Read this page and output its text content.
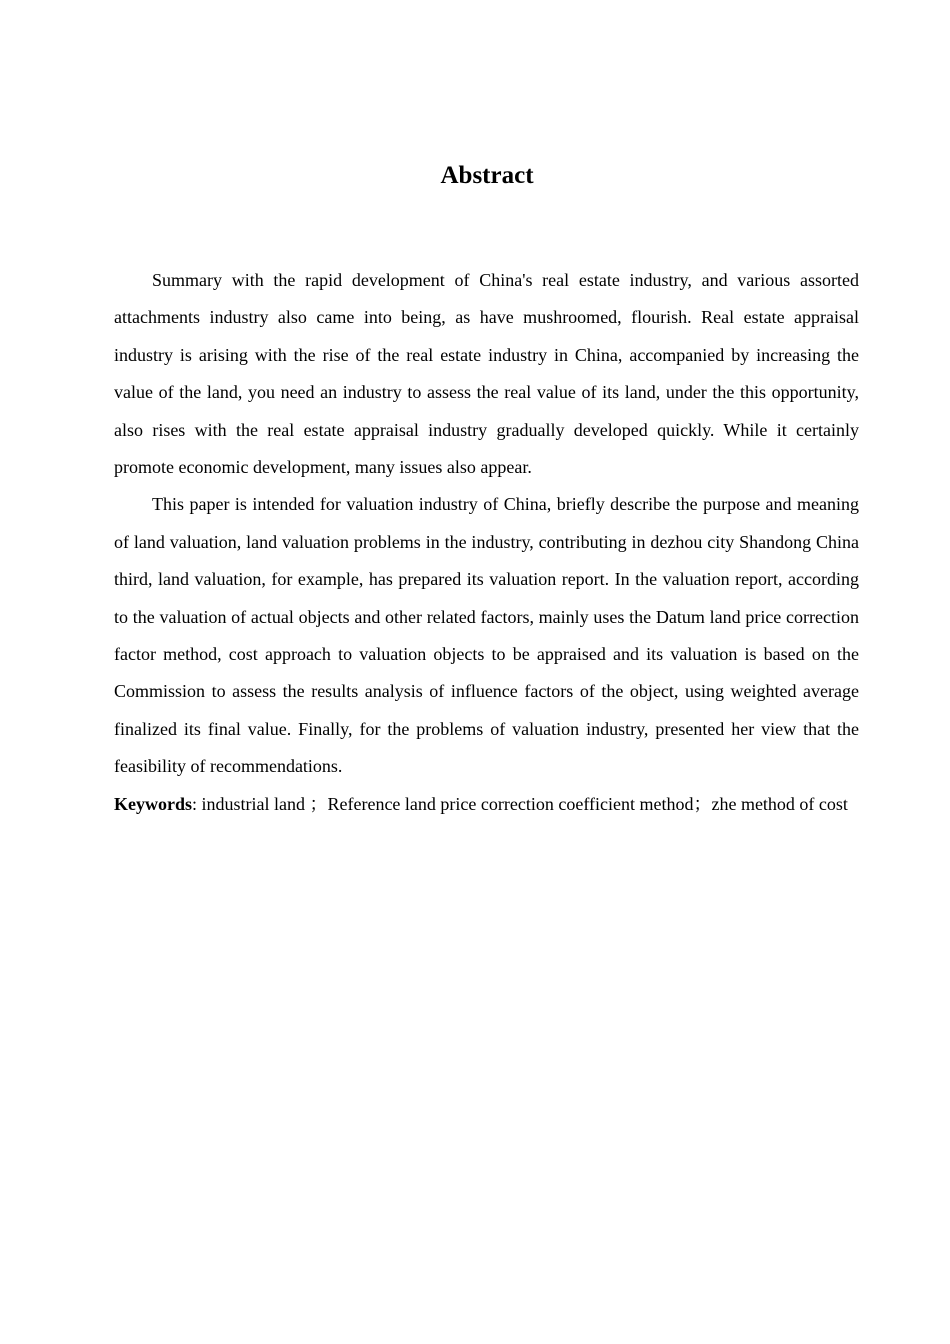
Abstract

Summary with the rapid development of China's real estate industry, and various assorted attachments industry also came into being, as have mushroomed, flourish. Real estate appraisal industry is arising with the rise of the real estate industry in China, accompanied by increasing the value of the land, you need an industry to assess the real value of its land, under the this opportunity, also rises with the real estate appraisal industry gradually developed quickly. While it certainly promote economic development, many issues also appear.

This paper is intended for valuation industry of China, briefly describe the purpose and meaning of land valuation, land valuation problems in the industry, contributing in dezhou city Shandong China third, land valuation, for example, has prepared its valuation report. In the valuation report, according to the valuation of actual objects and other related factors, mainly uses the Datum land price correction factor method, cost approach to valuation objects to be appraised and its valuation is based on the Commission to assess the results analysis of influence factors of the object, using weighted average finalized its final value. Finally, for the problems of valuation industry, presented her view that the feasibility of recommendations.

Keywords: industrial land ；Reference land price correction coefficient method；zhe method of cost
